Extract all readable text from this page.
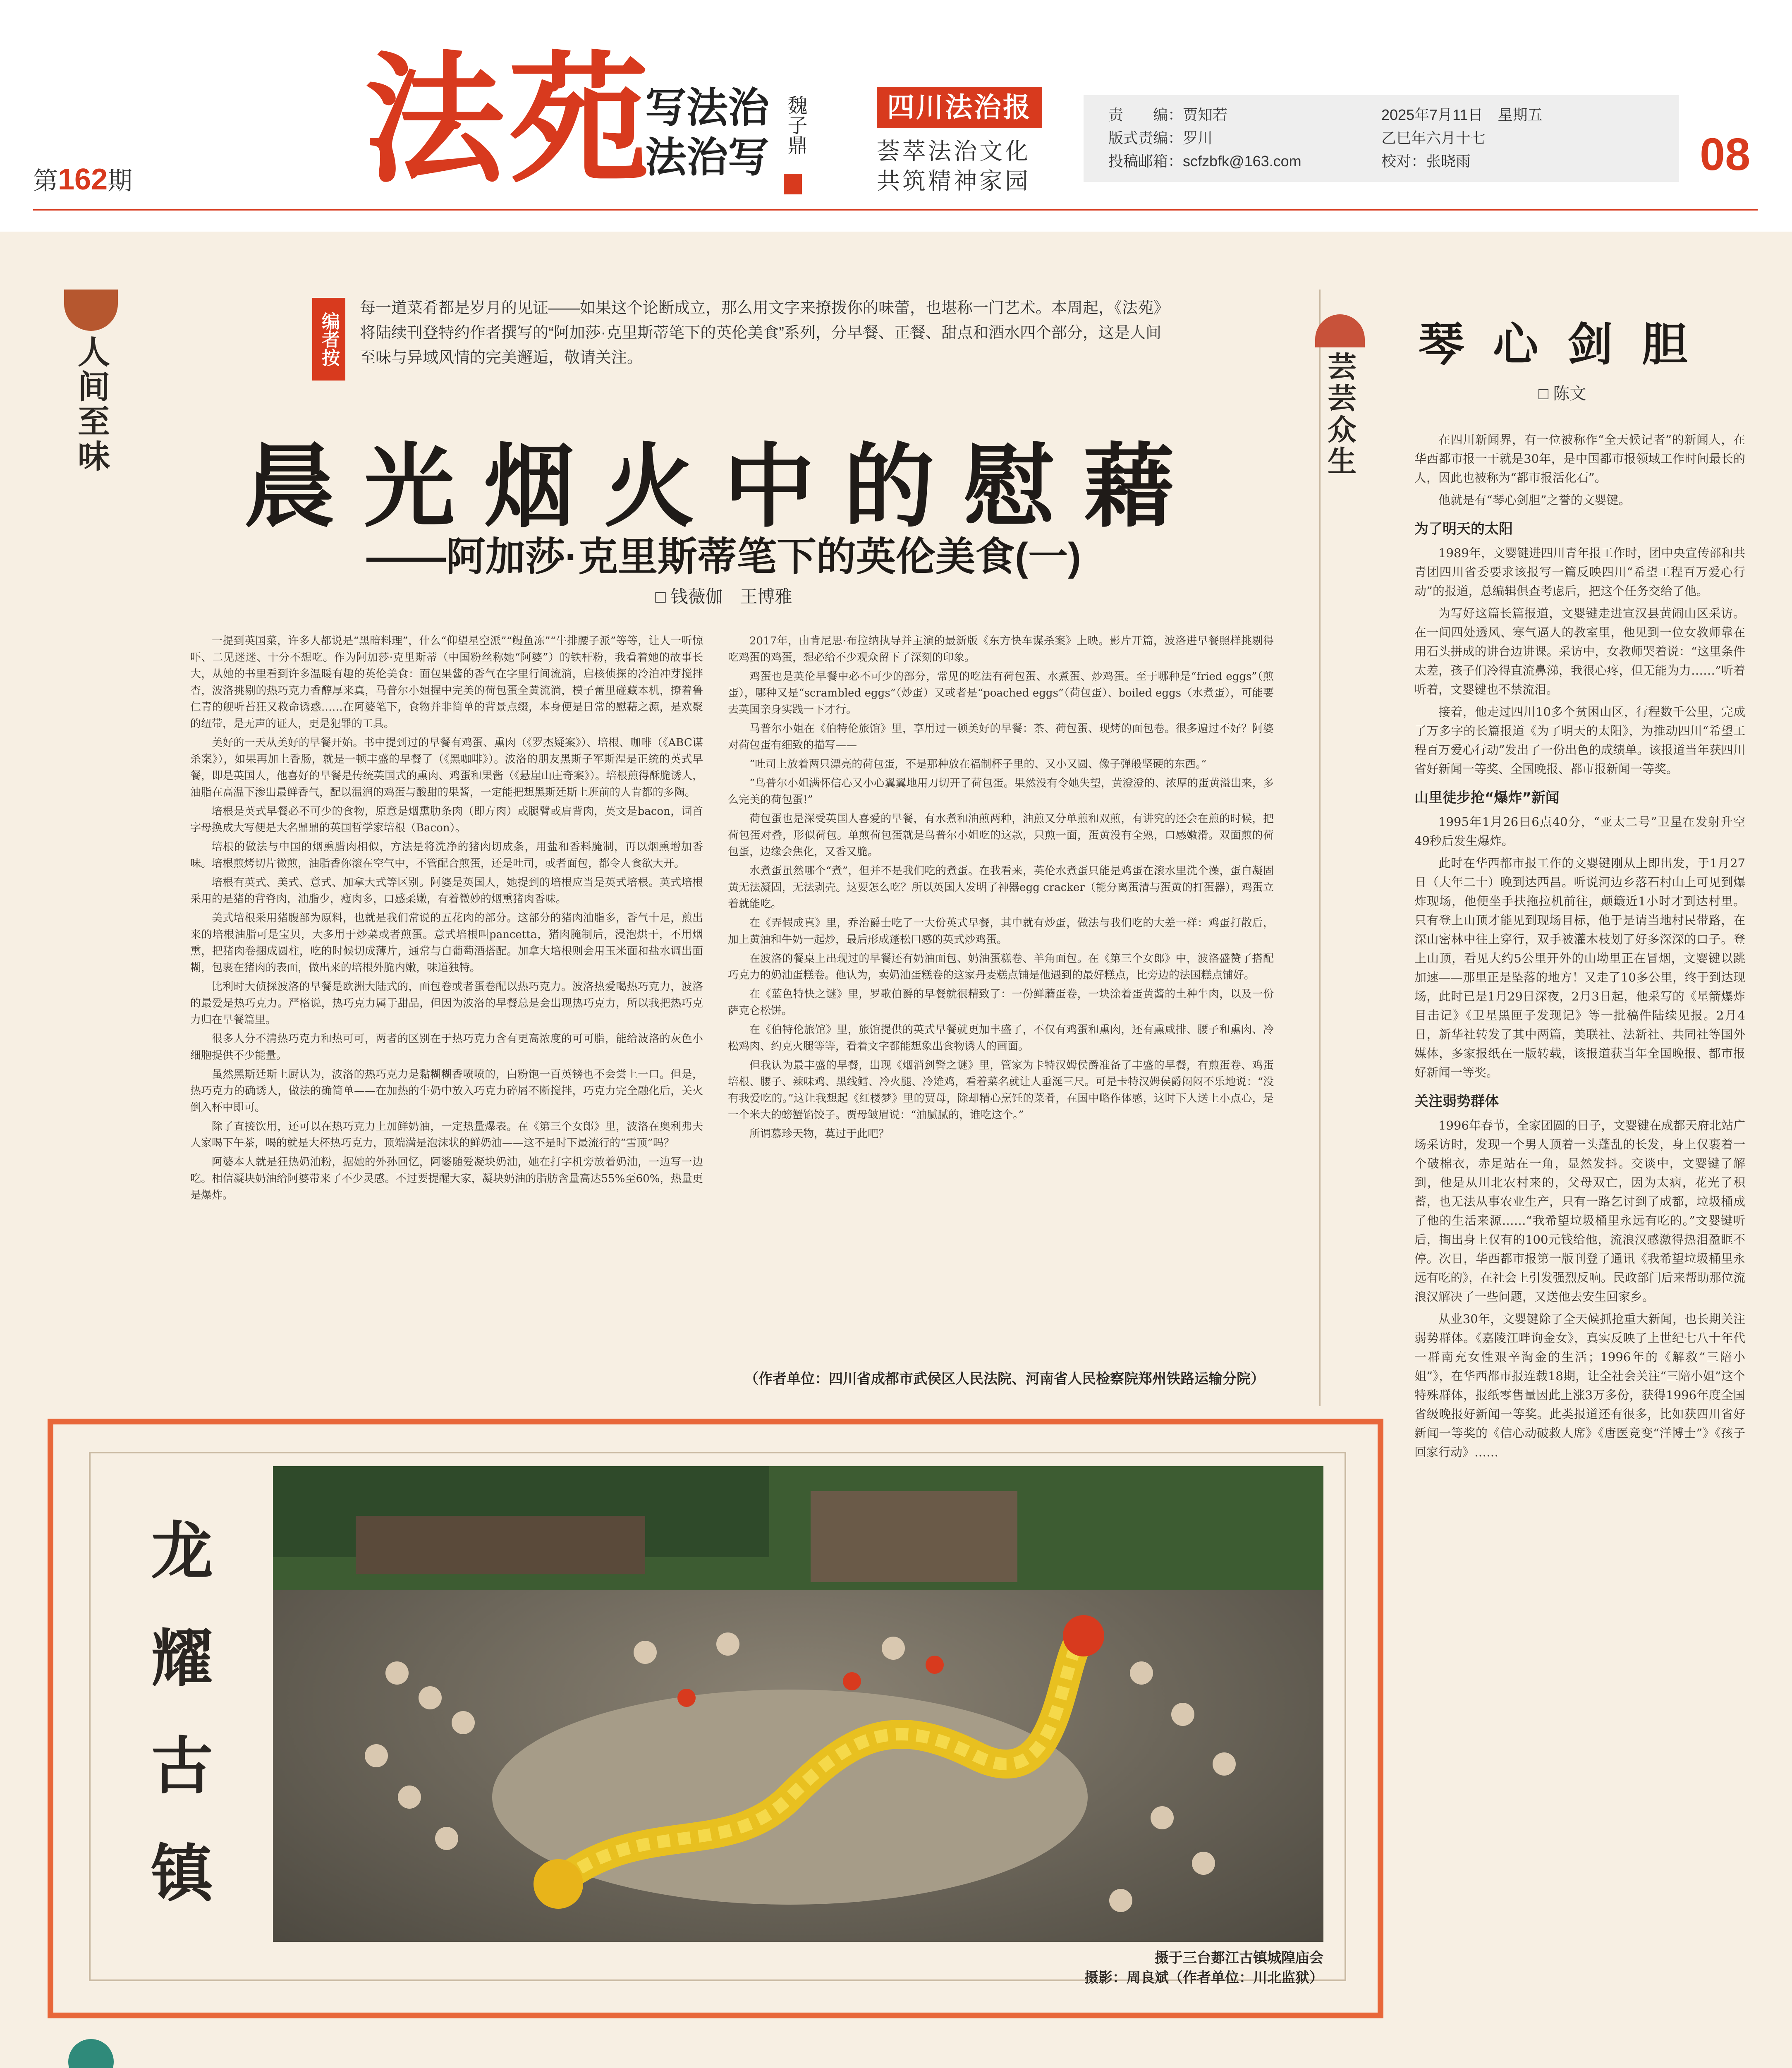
第162期 法苑
写法治
法治写
魏子鼎	四川法治报
荟萃法治文化
共筑精神家园
责　　编：贾知若
版式责编：罗川
投稿邮箱：scfzbfk@163.com
2025年7月11日　星期五
乙巳年六月十七
校对：张晓雨	08
编者按
每一道菜肴都是岁月的见证——如果这个论断成立，那么用文字来撩拨你的味蕾，也堪称一门艺术。本周起，《法苑》将陆续刊登特约作者撰写的“阿加莎·克里斯蒂笔下的英伦美食”系列，分早餐、正餐、甜点和酒水四个部分，这是人间至味与异域风情的完美邂逅，敬请关注。
人间至味
晨光烟火中的慰藉
——阿加莎·克里斯蒂笔下的英伦美食(一)
□ 钱薇伽　王博雅

一提到英国菜，许多人都说是“黑暗料理”，什么“仰望星空派”“鳗鱼冻”“牛排腰子派”等等，让人一听惊吓、二见迷迷、十分不想吃。作为阿加莎·克里斯蒂（中国粉丝称她“阿婆”）的铁杆粉，我看着她的故事长大，从她的书里看到许多温暖有趣的英伦美食：面包果酱的香气在字里行间流淌，启核侦探的冷泊冲芽搅拌杏，波洛挑剔的热巧克力香醇厚来真，马普尔小姐握中完美的荷包蛋全黄流淌，模子蕾里碰藏本机，撩着鲁仁青的舰听苔狂又救命诱惑……在阿婆笔下，食物并非简单的背景点缀，本身便是日常的慰藉之源，是欢聚的纽带，是无声的证人，更是犯罪的工具。

美好的一天从美好的早餐开始。书中提到过的早餐有鸡蛋、熏肉（《罗杰疑案》）、培根、咖啡（《ABC谋杀案》），如果再加上香肠，就是一顿丰盛的早餐了（《黑咖啡》）。波洛的朋友黑斯子军斯涅是正统的英式早餐，即是英国人，他喜好的早餐是传统英国式的熏肉、鸡蛋和果酱（《悬崖山庄奇案》）。培根煎得酥脆诱人，油脂在高温下渗出最鲜香气，配以温润的鸡蛋与酸甜的果酱，一定能把想黑斯廷斯上班前的人肯都的多陶。

培根是英式早餐必不可少的食物，原意是烟熏肋条肉（即方肉）或腿臂或肩背肉，英文是bacon，词首字母换成大写便是大名鼎鼎的英国哲学家培根（Bacon）。

培根的做法与中国的烟熏腊肉相似，方法是将洗净的猪肉切成条，用盐和香料腌制，再以烟熏增加香味。培根煎烤切片微煎，油脂香你滚在空气中，不管配合煎蛋，还是吐司，或者面包，都令人食欲大开。

培根有英式、美式、意式、加拿大式等区别。阿婆是英国人，她提到的培根应当是英式培根。英式培根采用的是猪的背脊肉，油脂少，瘦肉多，口感柔嫩，有着微妙的烟熏猪肉香味。

美式培根采用猪腹部为原料，也就是我们常说的五花肉的部分。这部分的猪肉油脂多，香气十足，煎出来的培根油脂可是宝贝，大多用于炒菜或者煎蛋。意式培根叫pancetta，猪肉腌制后，浸泡烘干，不用烟熏，把猪肉卷捆成圆柱，吃的时候切成薄片，通常与白葡萄酒搭配。加拿大培根则会用玉米面和盐水调出面糊，包裹在猪肉的表面，做出来的培根外脆内嫩，味道独特。

比利时大侦探波洛的早餐是欧洲大陆式的，面包卷或者蛋卷配以热巧克力。波洛热爱喝热巧克力，波洛的最爱是热巧克力。严格说，热巧克力属于甜品，但因为波洛的早餐总是会出现热巧克力，所以我把热巧克力归在早餐篇里。

很多人分不清热巧克力和热可可，两者的区别在于热巧克力含有更高浓度的可可脂，能给波洛的灰色小细胞提供不少能量。

虽然黑斯廷斯上厨认为，波洛的热巧克力是黏糊糊香喷喷的，白粉饱一百英镑也不会尝上一口。但是，热巧克力的确诱人，做法的确简单——在加热的牛奶中放入巧克力碎屑不断搅拌，巧克力完全融化后，关火倒入杯中即可。

除了直接饮用，还可以在热巧克力上加鲜奶油，一定热量爆表。在《第三个女郎》里，波洛在奥利弗夫人家喝下午茶，喝的就是大杯热巧克力，顶端满是泡沫状的鲜奶油——这不是时下最流行的“雪顶”吗？

阿婆本人就是狂热奶油粉，据她的外孙回忆，阿婆随爱凝块奶油，她在打字机旁放着奶油，一边写一边吃。相信凝块奶油给阿婆带来了不少灵感。不过要提醒大家，凝块奶油的脂肪含量高达55%至60%，热量更是爆炸。

2017年，由肯尼思·布拉纳执导并主演的最新版《东方快车谋杀案》上映。影片开篇，波洛进早餐照样挑剔得吃鸡蛋的鸡蛋，想必给不少观众留下了深刻的印象。

鸡蛋也是英伦早餐中必不可少的部分，常见的吃法有荷包蛋、水煮蛋、炒鸡蛋。至于哪种是“fried eggs”（煎蛋），哪种又是“scrambled eggs”（炒蛋）又或者是“poached eggs”（荷包蛋）、boiled eggs（水煮蛋），可能要去英国亲身实践一下才行。

马普尔小姐在《伯特伦旅馆》里，享用过一顿美好的早餐：茶、荷包蛋、现烤的面包卷。很多遍过不好？阿婆对荷包蛋有细致的描写——

“吐司上放着两只漂亮的荷包蛋，不是那种放在福制杯子里的、又小又圆、像子弹般坚硬的东西。”

“鸟普尔小姐满怀信心又小心翼翼地用刀切开了荷包蛋。果然没有令她失望，黄澄澄的、浓厚的蛋黄溢出来，多么完美的荷包蛋!”

荷包蛋也是深受英国人喜爱的早餐，有水煮和油煎两种，油煎又分单煎和双煎，有讲究的还会在煎的时候，把荷包蛋对叠，形似荷包。单煎荷包蛋就是鸟普尔小姐吃的这款，只煎一面，蛋黄没有全熟，口感嫩滑。双面煎的荷包蛋，边缘会焦化，又香又脆。

水煮蛋虽然哪个“煮”，但并不是我们吃的煮蛋。在我看来，英伦水煮蛋只能是鸡蛋在滚水里洗个澡，蛋白凝固黄无法凝固，无法剥壳。这要怎么吃？所以英国人发明了神器egg cracker（能分离蛋清与蛋黄的打蛋器），鸡蛋立着就能吃。

在《弄假成真》里，乔治爵士吃了一大份英式早餐，其中就有炒蛋，做法与我们吃的大差一样：鸡蛋打散后，加上黄油和牛奶一起炒，最后形成蓬松口感的英式炒鸡蛋。

在波洛的餐桌上出现过的早餐还有奶油面包、奶油蛋糕卷、羊角面包。在《第三个女郎》中，波洛盛赞了搭配巧克力的奶油蛋糕卷。他认为，卖奶油蛋糕卷的这家丹麦糕点铺是他遇到的最好糕点，比旁边的法国糕点铺好。

在《蓝色特快之谜》里，罗歌伯爵的早餐就很精致了：一份鲜蘑蛋卷，一块涂着蛋黄酱的土种牛肉，以及一份萨克仑松饼。

在《伯特伦旅馆》里，旅馆提供的英式早餐就更加丰盛了，不仅有鸡蛋和熏肉，还有熏咸排、腰子和熏肉、冷松鸡肉、约克火腿等等，看着文字都能想象出食物诱人的画面。

但我认为最丰盛的早餐，出现《烟消剑警之谜》里，管家为卡特汉姆侯爵准备了丰盛的早餐，有煎蛋卷、鸡蛋培根、腰子、辣味鸡、黑线鳕、冷火腿、冷雉鸡，看着菜名就让人垂涎三尺。可是卡特汉姆侯爵闷闷不乐地说：“没有我爱吃的。”这让我想起《红楼梦》里的贾母，除却精心烹饪的菜肴，在国中略作体感，这时下人送上小点心，是一个米大的螃蟹馅饺子。贾母皱眉说：“油腻腻的，谁吃这个。”

所谓慕珍天物，莫过于此吧？

（作者单位：四川省成都市武侯区人民法院、河南省人民检察院郑州铁路运输分院）
芸芸众生
琴心剑胆
□ 陈文

在四川新闻界，有一位被称作“全天候记者”的新闻人，在华西都市报一干就是30年，是中国都市报领域工作时间最长的人，因此也被称为“都市报活化石”。

他就是有“琴心剑胆”之誉的文婴键。

为了明天的太阳

1989年，文婴键进四川青年报工作时，团中央宣传部和共青团四川省委要求该报写一篇反映四川“希望工程百万爱心行动”的报道，总编辑俱查考虑后，把这个任务交给了他。

为写好这篇长篇报道，文婴键走进宣汉县黄闹山区采访。在一间四处透风、寒气逼人的教室里，他见到一位女教师靠在用石头拼成的讲台边讲课。采访中，女教师哭着说：“这里条件太差，孩子们冷得直流鼻涕，我很心疼，但无能为力……”听着听着，文婴键也不禁流泪。

接着，他走过四川10多个贫困山区，行程数千公里，完成了万多字的长篇报道《为了明天的太阳》，为推动四川“希望工程百万爱心行动”发出了一份出色的成绩单。该报道当年获四川省好新闻一等奖、全国晚报、都市报新闻一等奖。

山里徒步抢“爆炸”新闻

1995年1月26日6点40分，“亚太二号”卫星在发射升空49秒后发生爆炸。

此时在华西都市报工作的文婴键刚从上即出发，于1月27日（大年二十）晚到达西昌。听说河边乡落石村山上可见到爆炸现场，他便坐手扶拖拉机前往，颠簸近1小时才到达村里。只有登上山顶才能见到现场目标，他于是请当地村民带路，在深山密林中往上穿行，双手被灌木枝划了好多深深的口子。登上山顶，看见大约5公里开外的山坳里正在冒烟，文婴键以跳加速——那里正是坠落的地方！又走了10多公里，终于到达现场，此时已是1月29日深夜，2月3日起，他采写的《星箭爆炸目击记》《卫星黑匣子发现记》等一批稿件陆续见报。2月4日，新华社转发了其中两篇，美联社、法新社、共同社等国外媒体，多家报纸在一版转载，该报道获当年全国晚报、都市报好新闻一等奖。

关注弱势群体

1996年春节，全家团圆的日子，文婴键在成都天府北站广场采访时，发现一个男人顶着一头蓬乱的长发，身上仅裹着一个破棉衣，赤足站在一角，显然发抖。交谈中，文婴键了解到，他是从川北农村来的，父母双亡，因为太病，花光了积蓄，也无法从事农业生产，只有一路乞讨到了成都，垃圾桶成了他的生活来源……“我希望垃圾桶里永远有吃的。”文婴键听后，掏出身上仅有的100元钱给他，流浪汉感激得热泪盈眶不停。次日，华西都市报第一版刊登了通讯《我希望垃圾桶里永远有吃的》，在社会上引发强烈反响。民政部门后来帮助那位流浪汉解决了一些问题，又送他去安生回家乡。

从业30年，文婴键除了全天候抓抢重大新闻，也长期关注弱势群体。《嘉陵江畔询金女》，真实反映了上世纪七八十年代一群南充女性艰辛淘金的生活；1996年的《解救“三陪小姐”》，在华西都市报连载18期，让全社会关注“三陪小姐”这个特殊群体，报纸零售量因此上涨3万多份，获得1996年度全国省级晚报好新闻一等奖。此类报道还有很多，比如获四川省好新闻一等奖的《信心动破救人席》《唐医竞变“洋博士”》《孩子回家行动》……

龙
耀
古
镇
摄于三台郪江古镇城隍庙会
摄影：周良斌（作者单位：川北监狱）
